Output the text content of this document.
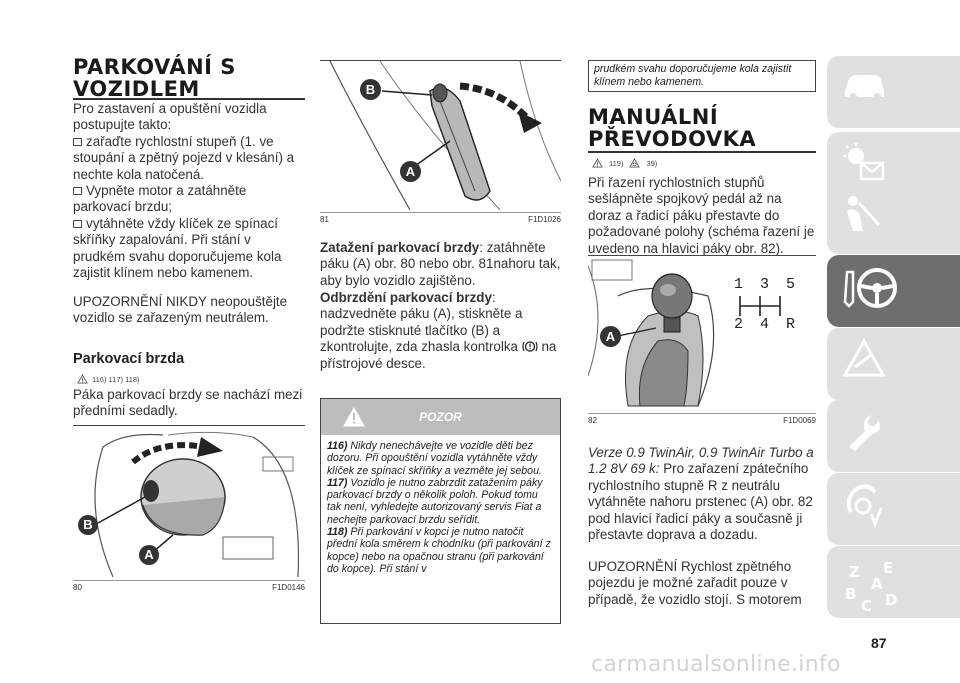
PARKOVÁNÍ S
VOZIDLEM
Pro zastavení a opuštění vozidla postupujte takto:
zařaďte rychlostní stupeň (1. ve stoupání a zpětný pojezd v klesání) a nechte kola natočená.
Vypněte motor a zatáhněte parkovací brzdu;
vytáhněte vždy klíček ze spínací skříňky zapalování. Při stání v prudkém svahu doporučujeme kola zajistit klínem nebo kamenem.
UPOZORNĚNÍ NIKDY neopouštějte vozidlo se zařazeným neutrálem.
Parkovací brzda
116) 117) 118)
Páka parkovací brzdy se nachází mezi předními sedadly.
B
A
80	F1D0146
B
A
81	F1D1026
Zatažení parkovací brzdy: zatáhněte páku (A) obr. 80 nebo obr. 81nahoru tak, aby bylo vozidlo zajištěno.
Odbrzdění parkovací brzdy: nadzvedněte páku (A), stiskněte a podržte stisknuté tlačítko (B) a zkontrolujte, zda zhasla kontrolka na přístrojové desce.
POZOR
116) Nikdy nenechávejte ve vozidle děti bez dozoru. Při opouštění vozidla vytáhněte vždy klíček ze spínací skříňky a vezměte jej sebou.
117) Vozidlo je nutno zabrzdit zatažením páky parkovací brzdy o několik poloh. Pokud tomu tak není, vyhledejte autorizovaný servis Fiat a nechejte parkovací brzdu seřídit.
118) Při parkování v kopci je nutno natočit přední kola směrem k chodníku (při parkování z kopce) nebo na opačnou stranu (při parkování do kopce). Při stání v
prudkém svahu doporučujeme kola zajistit klínem nebo kamenem.
MANUÁLNÍ
PŘEVODOVKA
119)	39)
Při řazení rychlostních stupňů sešlápněte spojkový pedál až na doraz a řadicí páku přestavte do požadované polohy (schéma řazení je uvedeno na hlavici páky obr. 82).
1 3 5
2 4 R
A
82	F1D0069
Verze 0.9 TwinAir, 0.9 TwinAir Turbo a 1.2 8V 69 k: Pro zařazení zpátečního rychlostního stupně R z neutrálu vytáhněte nahoru prstenec (A) obr. 82 pod hlavicí řadicí páky a současně ji přestavte doprava a dozadu.
UPOZORNĚNÍ Rychlost zpětného pojezdu je možné zařadit pouze v případě, že vozidlo stojí. S motorem
Z E
B
A
C D
87
carmanualsonline.info
